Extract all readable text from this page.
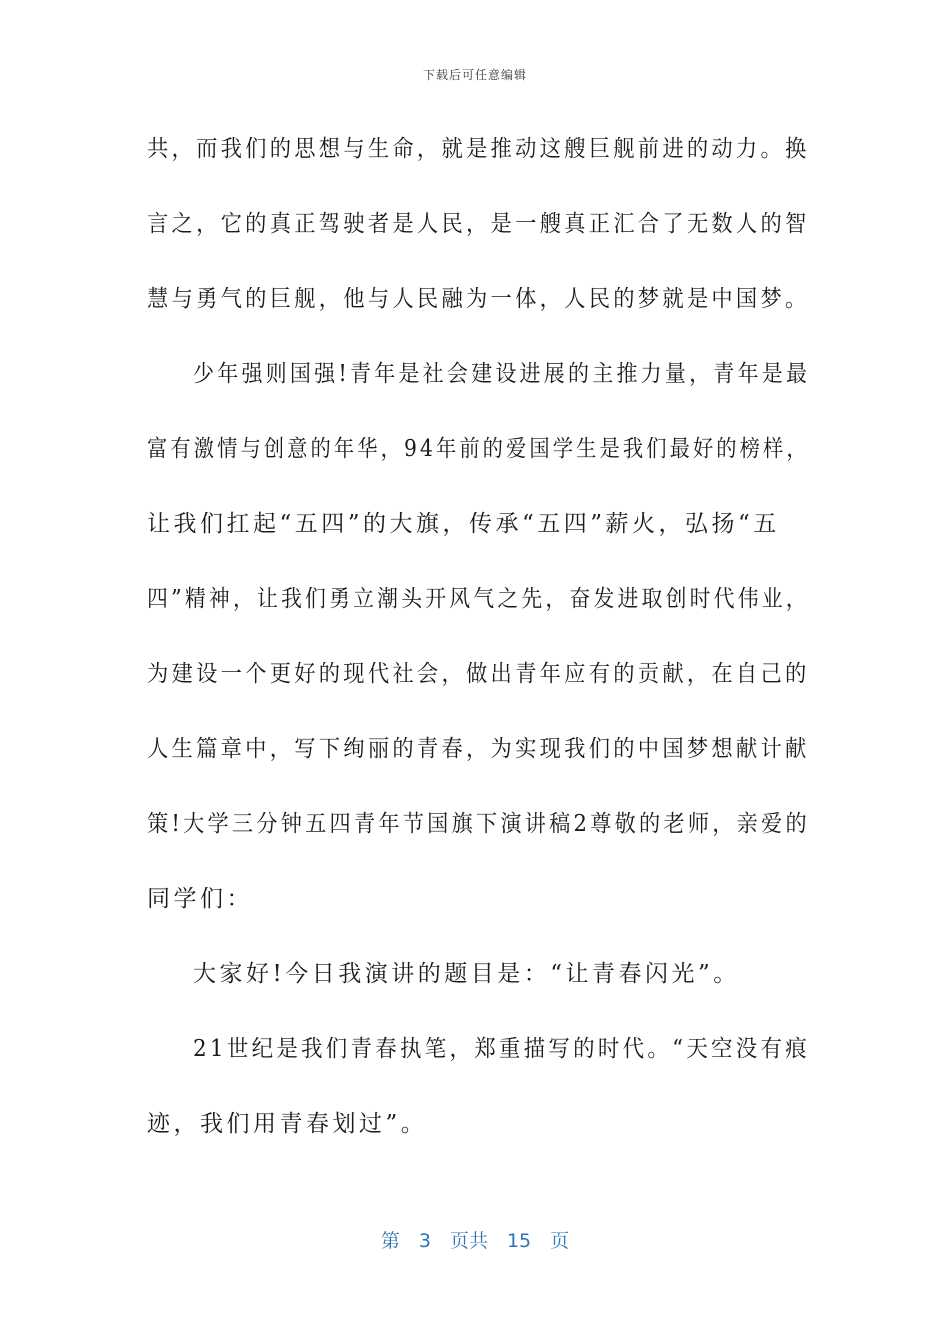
下载后可任意编辑
共，而我们的思想与生命，就是推动这艘巨舰前进的动力。换
言之，它的真正驾驶者是人民，是一艘真正汇合了无数人的智
慧与勇气的巨舰，他与人民融为一体，人民的梦就是中国梦。
少年强则国强!青年是社会建设进展的主推力量，青年是最
富有激情与创意的年华，94年前的爱国学生是我们最好的榜样，
让我们扛起“五四”的大旗，传承“五四”薪火，弘扬“五
四”精神，让我们勇立潮头开风气之先，奋发进取创时代伟业，
为建设一个更好的现代社会，做出青年应有的贡献，在自己的
人生篇章中，写下绚丽的青春，为实现我们的中国梦想献计献
策!大学三分钟五四青年节国旗下演讲稿2尊敬的老师，亲爱的
同学们：
大家好!今日我演讲的题目是：“让青春闪光”。
21世纪是我们青春执笔，郑重描写的时代。“天空没有痕
迹，我们用青春划过”。
第　3　页共　15　页
